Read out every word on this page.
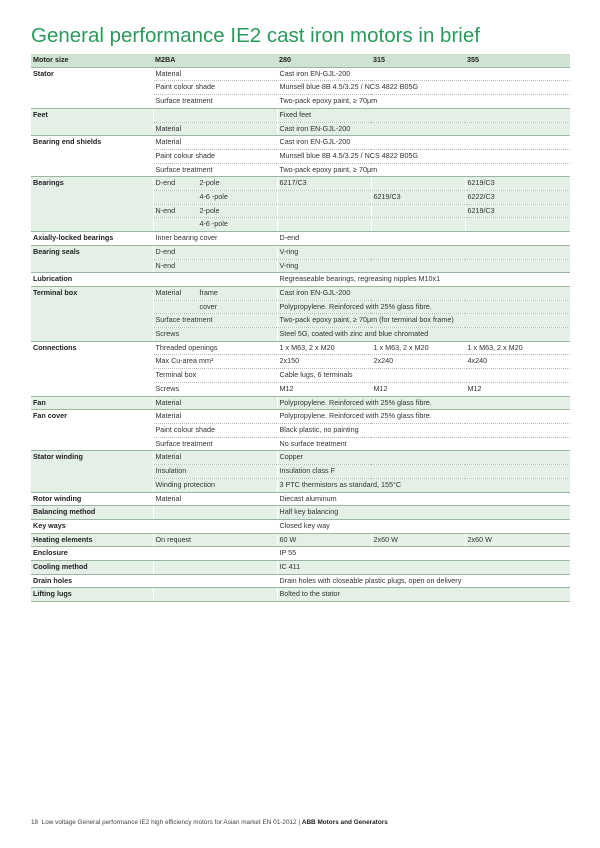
General performance IE2 cast iron motors in brief
Motor size	M2BA	280	315	355
Stator	Material	Cast iron EN-GJL-200		
	Paint colour shade	Munsell blue 8B 4.5/3.25 / NCS 4822 B05G		
	Surface treatment	Two-pack epoxy paint, ≥ 70μm		
Feet		Fixed feet		
	Material	Cast iron EN-GJL-200		
Bearing end shields	Material	Cast iron EN-GJL-200		
	Paint colour shade	Munsell blue 8B 4.5/3.25 / NCS 4822 B05G		
	Surface treatment	Two-pack epoxy paint, ≥ 70μm		
Bearings	D-end 2-pole	6217/C3		6219/C3
	4-6 -pole		6219/C3	6222/C3
	N-end 2-pole			6219/C3
	4-6 -pole			
Axially-locked bearings	Inner bearing cover	D-end		
Bearing seals	D-end	V-ring		
	N-end	V-ring		
Lubrication		Regreaseable bearings, regreasing nipples M10x1		
Terminal box	Material frame	Cast iron EN-GJL-200		
	cover	Polypropylene. Reinforced with 25% glass fibre.		
	Surface treatment	Two-pack epoxy paint, ≥ 70μm (for terminal box frame)		
	Screws	Steel 5G, coated with zinc and blue chromated		
Connections	Threaded openings	1 x M63, 2 x M20	1 x M63, 2 x M20	1 x M63, 2 x M20
	Max Cu-area mm²	2x150	2x240	4x240
	Terminal box	Cable lugs, 6 terminals		
	Screws	M12	M12	M12
Fan	Material	Polypropylene. Reinforced with 25% glass fibre.		
Fan cover	Material	Polypropylene. Reinforced with 25% glass fibre.		
	Paint colour shade	Black plastic, no painting		
	Surface treatment	No surface treatment		
Stator winding	Material	Copper		
	Insulation	Insulation class F		
	Winding protection	3 PTC thermistors as standard, 155°C		
Rotor winding	Material	Diecast aluminum		
Balancing method		Half key balancing		
Key ways		Closed key way		
Heating elements	On request	60 W	2x60 W	2x60 W
Enclosure		IP 55		
Cooling method		IC 411		
Drain holes		Drain holes with closeable plastic plugs, open on delivery		
Lifting lugs		Bolted to the stator		
18 Low voltage General performance IE2 high efficiency motors for Asian market EN 01-2012 | ABB Motors and Generators
